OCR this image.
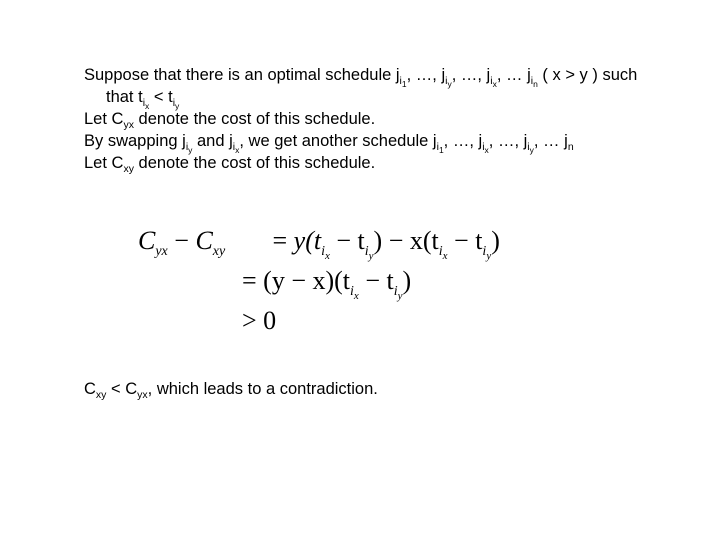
Suppose that there is an optimal schedule $j_{i_1}$, …, $j_{i_y}$, …, $j_{i_x}$, … $j_{i_n}$ ( x > y ) such
that $t_{i_x} < t_{i_y}$
Let $C_{yx}$ denote the cost of this schedule.
By swapping $j_{i_y}$ and $j_{i_x}$, we get another schedule $j_{i_1}$, …, $j_{i_x}$, …, $j_{i_y}$, … $j_n$
Let $C_{xy}$ denote the cost of this schedule.
$C_{yx} - C_{xy} = y(t_{i_x} - t_{i_y}) - x(t_{i_x} - t_{i_y})$
= $(y - x)(t_{i_x} - t_{i_y})$
> 0
$C_{xy} < C_{yx}$, which leads to a contradiction.
